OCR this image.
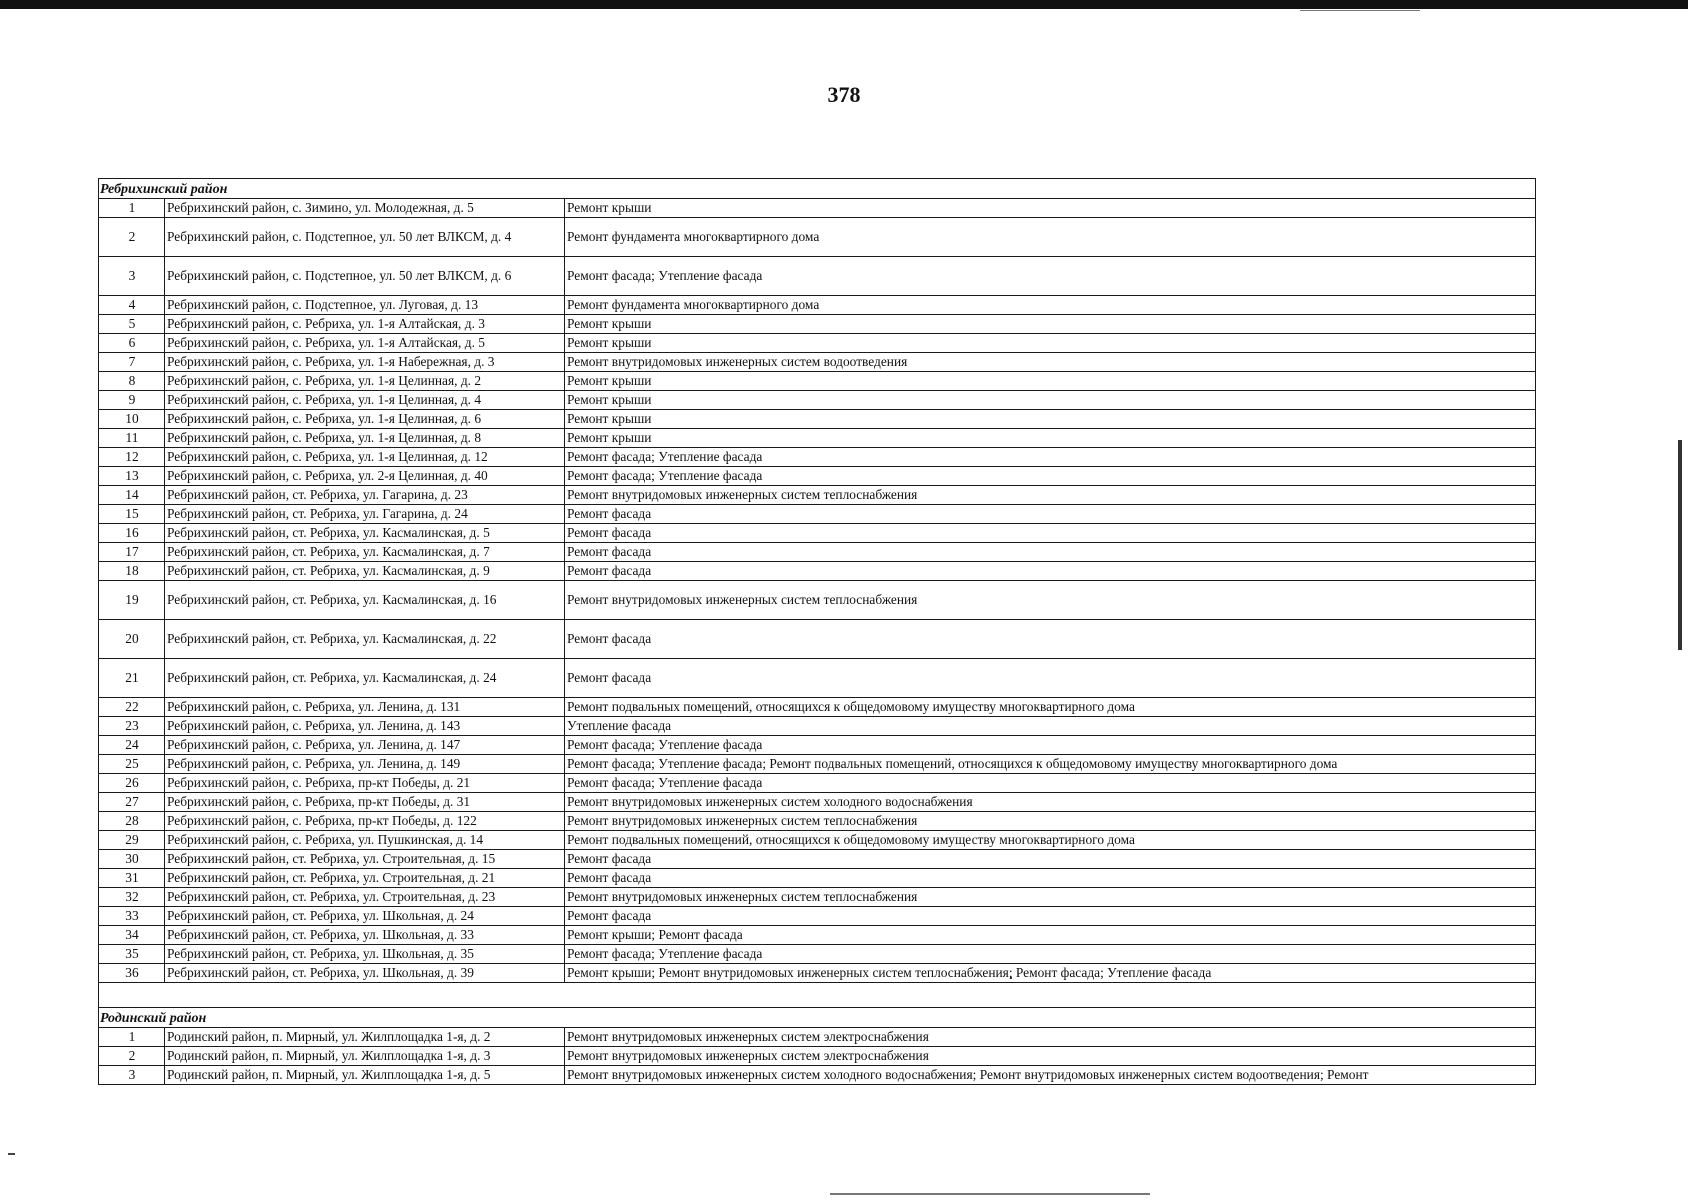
378
Ребрихинский район		
1	Ребрихинский район, с. Зимино, ул. Молодежная, д. 5	Ремонт крыши
2	Ребрихинский район, с. Подстепное, ул. 50 лет ВЛКСМ, д. 4	Ремонт фундамента многоквартирного дома
3	Ребрихинский район, с. Подстепное, ул. 50 лет ВЛКСМ, д. 6	Ремонт фасада; Утепление фасада
4	Ребрихинский район, с. Подстепное, ул. Луговая, д. 13	Ремонт фундамента многоквартирного дома
5	Ребрихинский район, с. Ребриха, ул. 1-я Алтайская, д. 3	Ремонт крыши
6	Ребрихинский район, с. Ребриха, ул. 1-я Алтайская, д. 5	Ремонт крыши
7	Ребрихинский район, с. Ребриха, ул. 1-я Набережная, д. 3	Ремонт внутридомовых инженерных систем водоотведения
8	Ребрихинский район, с. Ребриха, ул. 1-я Целинная, д. 2	Ремонт крыши
9	Ребрихинский район, с. Ребриха, ул. 1-я Целинная, д. 4	Ремонт крыши
10	Ребрихинский район, с. Ребриха, ул. 1-я Целинная, д. 6	Ремонт крыши
11	Ребрихинский район, с. Ребриха, ул. 1-я Целинная, д. 8	Ремонт крыши
12	Ребрихинский район, с. Ребриха, ул. 1-я Целинная, д. 12	Ремонт фасада; Утепление фасада
13	Ребрихинский район, с. Ребриха, ул. 2-я Целинная, д. 40	Ремонт фасада; Утепление фасада
14	Ребрихинский район, ст. Ребриха, ул. Гагарина, д. 23	Ремонт внутридомовых инженерных систем теплоснабжения
15	Ребрихинский район, ст. Ребриха, ул. Гагарина, д. 24	Ремонт фасада
16	Ребрихинский район, ст. Ребриха, ул. Касмалинская, д. 5	Ремонт фасада
17	Ребрихинский район, ст. Ребриха, ул. Касмалинская, д. 7	Ремонт фасада
18	Ребрихинский район, ст. Ребриха, ул. Касмалинская, д. 9	Ремонт фасада
19	Ребрихинский район, ст. Ребриха, ул. Касмалинская, д. 16	Ремонт внутридомовых инженерных систем теплоснабжения
20	Ребрихинский район, ст. Ребриха, ул. Касмалинская, д. 22	Ремонт фасада
21	Ребрихинский район, ст. Ребриха, ул. Касмалинская, д. 24	Ремонт фасада
22	Ребрихинский район, с. Ребриха, ул. Ленина, д. 131	Ремонт подвальных помещений, относящихся к общедомовому имуществу многоквартирного дома
23	Ребрихинский район, с. Ребриха, ул. Ленина, д. 143	Утепление фасада
24	Ребрихинский район, с. Ребриха, ул. Ленина, д. 147	Ремонт фасада; Утепление фасада
25	Ребрихинский район, с. Ребриха, ул. Ленина, д. 149	Ремонт фасада; Утепление фасада; Ремонт подвальных помещений, относящихся к общедомовому имуществу многоквартирного дома
26	Ребрихинский район, с. Ребриха, пр-кт Победы, д. 21	Ремонт фасада; Утепление фасада
27	Ребрихинский район, с. Ребриха, пр-кт Победы, д. 31	Ремонт внутридомовых инженерных систем холодного водоснабжения
28	Ребрихинский район, с. Ребриха, пр-кт Победы, д. 122	Ремонт внутридомовых инженерных систем теплоснабжения
29	Ребрихинский район, с. Ребриха, ул. Пушкинская, д. 14	Ремонт подвальных помещений, относящихся к общедомовому имуществу многоквартирного дома
30	Ребрихинский район, ст. Ребриха, ул. Строительная, д. 15	Ремонт фасада
31	Ребрихинский район, ст. Ребриха, ул. Строительная, д. 21	Ремонт фасада
32	Ребрихинский район, ст. Ребриха, ул. Строительная, д. 23	Ремонт внутридомовых инженерных систем теплоснабжения
33	Ребрихинский район, ст. Ребриха, ул. Школьная, д. 24	Ремонт фасада
34	Ребрихинский район, ст. Ребриха, ул. Школьная, д. 33	Ремонт крыши; Ремонт фасада
35	Ребрихинский район, ст. Ребриха, ул. Школьная, д. 35	Ремонт фасада; Утепление фасада
36	Ребрихинский район, ст. Ребриха, ул. Школьная, д. 39	Ремонт крыши; Ремонт внутридомовых инженерных систем теплоснабжения; Ремонт фасада; Утепление фасада

Родинский район		
1	Родинский район, п. Мирный, ул. Жилплощадка 1-я, д. 2	Ремонт внутридомовых инженерных систем электроснабжения
2	Родинский район, п. Мирный, ул. Жилплощадка 1-я, д. 3	Ремонт внутридомовых инженерных систем электроснабжения
3	Родинский район, п. Мирный, ул. Жилплощадка 1-я, д. 5	Ремонт внутридомовых инженерных систем холодного водоснабжения; Ремонт внутридомовых инженерных систем водоотведения; Ремонт
